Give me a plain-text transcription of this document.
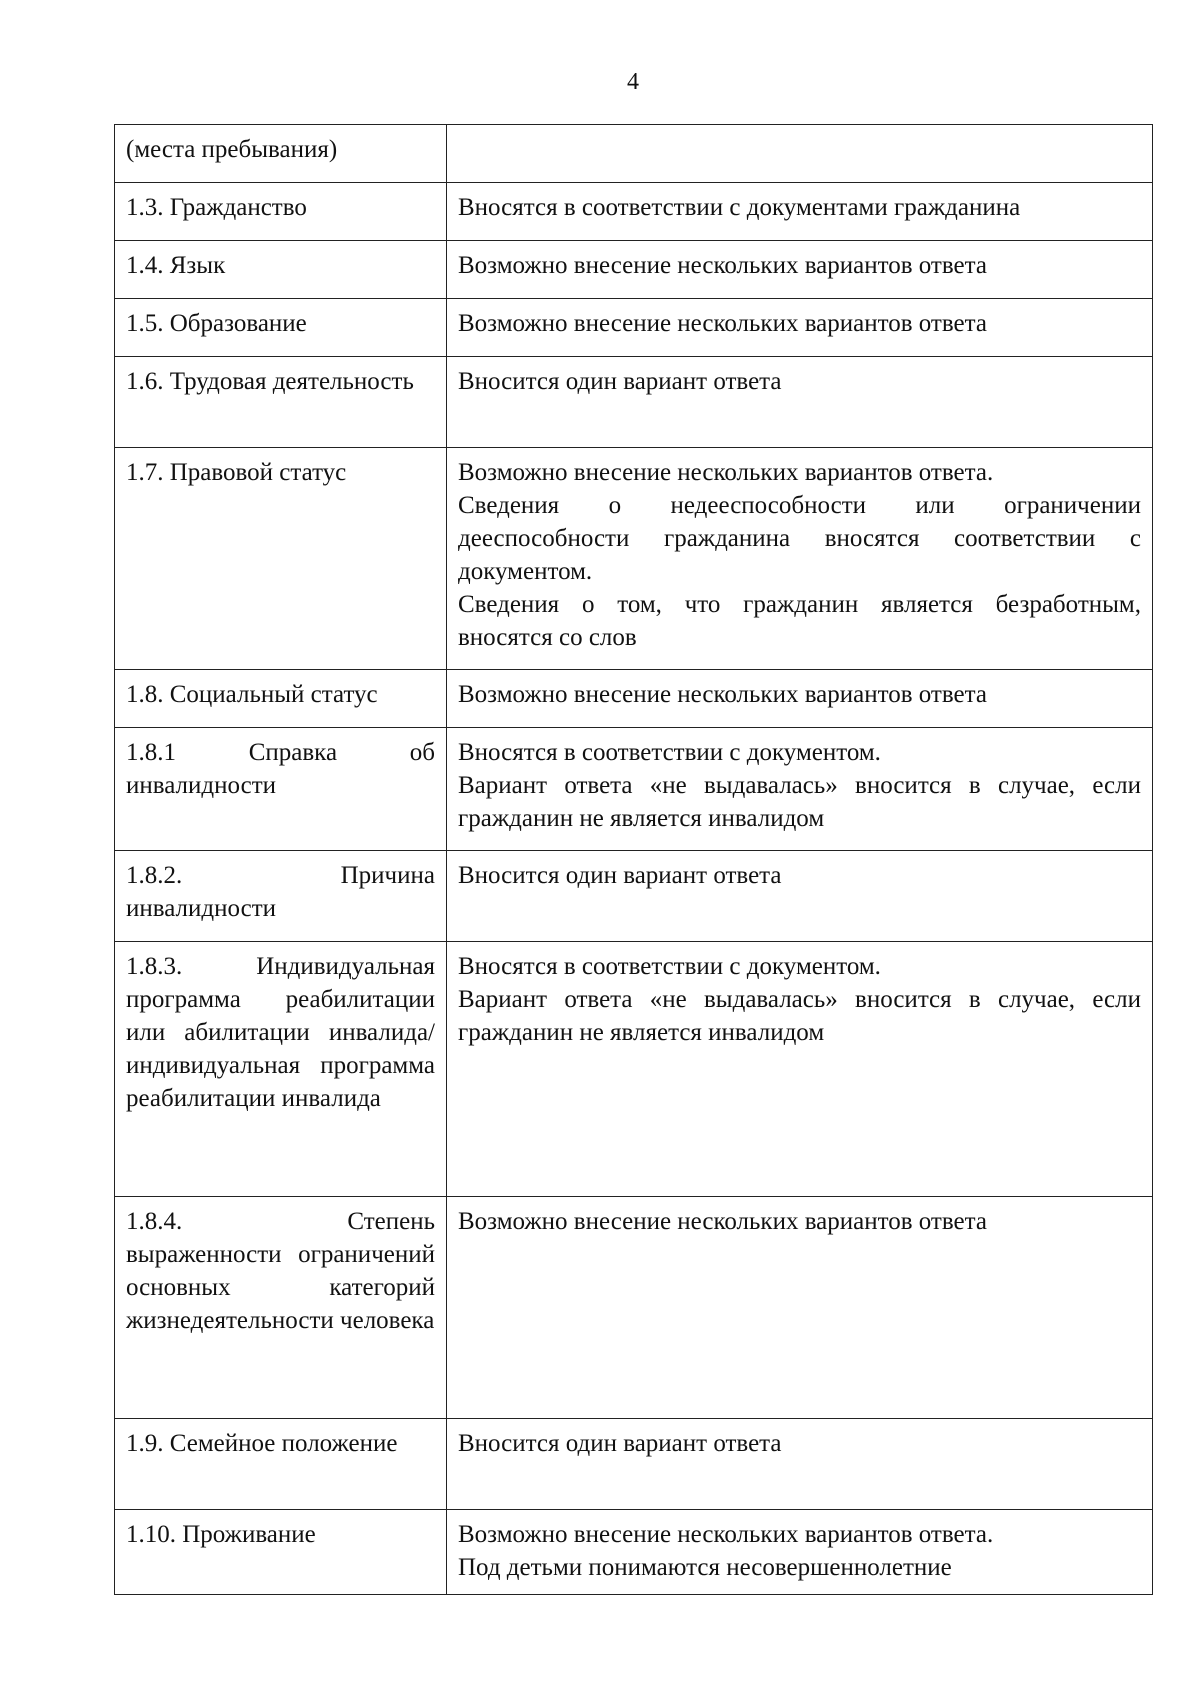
4
(места пребывания)	

1.3. Гражданство	Вносятся в соответствии с документами гражданина

1.4. Язык	Возможно внесение нескольких вариантов ответа

1.5. Образование	Возможно внесение нескольких вариантов ответа

1.6. Трудовая деятельность	Вносится один вариант ответа

1.7. Правовой статус	Возможно внесение нескольких вариантов ответа.
Сведения о недееспособности или ограничении дееспособности гражданина вносятся соответствии с документом.
Сведения о том, что гражданин является безработным, вносятся со слов

1.8. Социальный статус	Возможно внесение нескольких вариантов ответа

1.8.1 Справка об инвалидности	Вносятся в соответствии с документом.
Вариант ответа «не выдавалась» вносится в случае, если гражданин не является инвалидом

1.8.2. Причина инвалидности	Вносится один вариант ответа

1.8.3. Индивидуальная программа реабилитации или абилитации инвалида/ индивидуальная программа реабилитации инвалида	Вносятся в соответствии с документом.
Вариант ответа «не выдавалась» вносится в случае, если гражданин не является инвалидом

1.8.4. Степень выраженности ограничений основных категорий жизнедеятельности человека	Возможно внесение нескольких вариантов ответа

1.9. Семейное положение	Вносится один вариант ответа

1.10. Проживание	Возможно внесение нескольких вариантов ответа.
Под детьми понимаются несовершеннолетние
